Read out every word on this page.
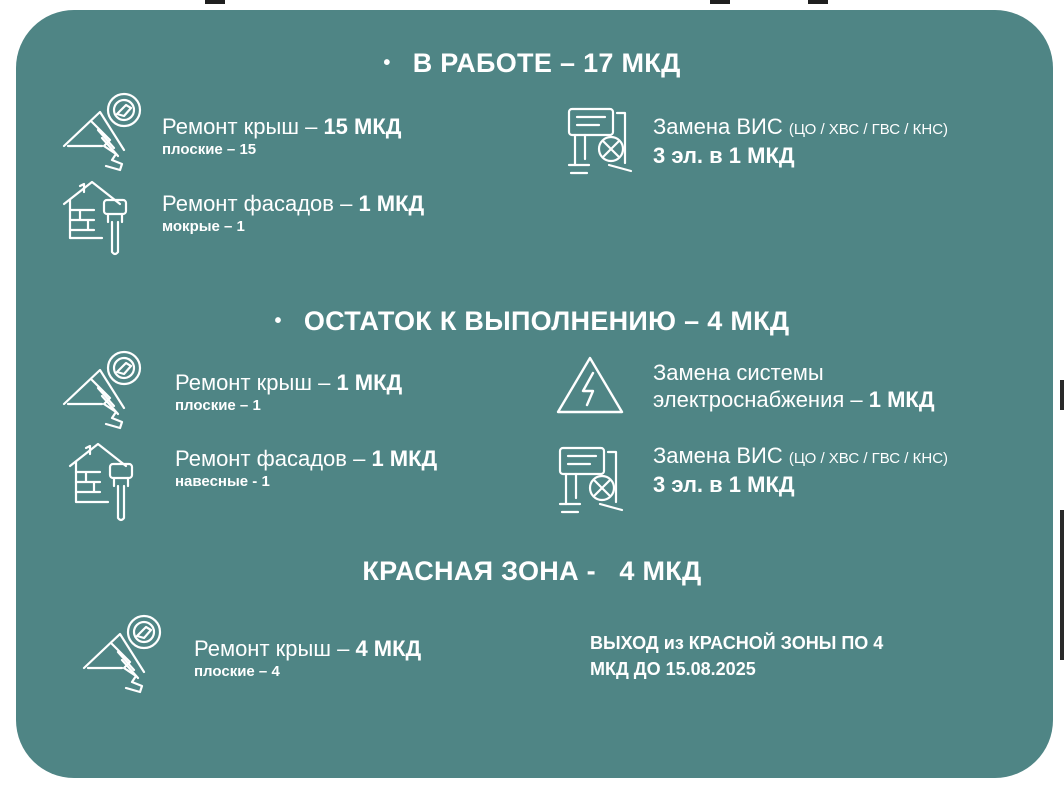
• В РАБОТЕ – 17 МКД
Ремонт крыш – 15 МКД
плоские – 15
Ремонт фасадов – 1 МКД
мокрые – 1
Замена ВИС (ЦО / ХВС / ГВС / КНС)
3 эл. в 1 МКД
• ОСТАТОК К ВЫПОЛНЕНИЮ – 4 МКД
Ремонт крыш – 1 МКД
плоские – 1
Ремонт фасадов – 1 МКД
навесные - 1
Замена системы
электроснабжения – 1 МКД
Замена ВИС (ЦО / ХВС / ГВС / КНС)
3 эл. в 1 МКД
КРАСНАЯ ЗОНА -   4 МКД
Ремонт крыш – 4 МКД
плоские – 4
ВЫХОД из КРАСНОЙ ЗОНЫ ПО 4
МКД ДО 15.08.2025
